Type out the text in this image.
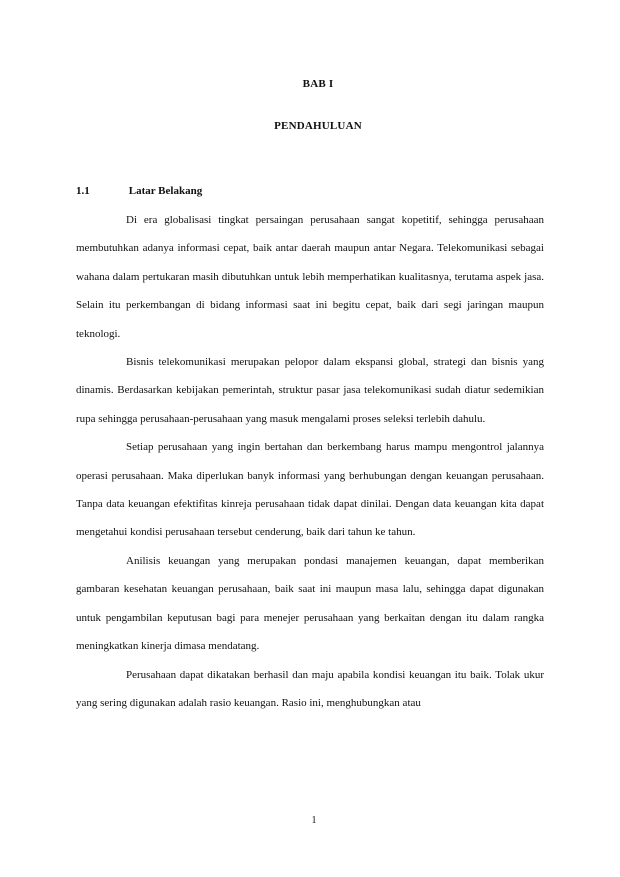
BAB I
PENDAHULUAN
1.1	Latar Belakang

Di era globalisasi tingkat persaingan perusahaan sangat kopetitif, sehingga perusahaan membutuhkan adanya informasi cepat, baik antar daerah maupun antar Negara. Telekomunikasi sebagai wahana dalam pertukaran masih dibutuhkan untuk lebih memperhatikan kualitasnya, terutama aspek jasa. Selain itu perkembangan di bidang informasi saat ini begitu cepat, baik dari segi jaringan maupun teknologi.

Bisnis telekomunikasi merupakan pelopor dalam ekspansi global, strategi dan bisnis yang dinamis. Berdasarkan kebijakan pemerintah, struktur pasar jasa telekomunikasi sudah diatur sedemikian rupa sehingga perusahaan-perusahaan yang masuk mengalami proses seleksi terlebih dahulu.

Setiap perusahaan yang ingin bertahan dan berkembang harus mampu mengontrol jalannya operasi perusahaan. Maka diperlukan banyk informasi yang berhubungan dengan keuangan perusahaan. Tanpa data keuangan efektifitas kinreja perusahaan tidak dapat dinilai. Dengan data keuangan kita dapat mengetahui kondisi perusahaan tersebut cenderung, baik dari tahun ke tahun.

Anilisis keuangan yang merupakan pondasi manajemen keuangan, dapat memberikan gambaran kesehatan keuangan perusahaan, baik saat ini maupun masa lalu, sehingga dapat digunakan untuk pengambilan keputusan bagi para menejer perusahaan yang berkaitan dengan itu dalam rangka meningkatkan kinerja dimasa mendatang.

Perusahaan dapat dikatakan berhasil dan maju apabila kondisi keuangan itu baik. Tolak ukur yang sering digunakan adalah rasio keuangan. Rasio ini, menghubungkan atau

1
